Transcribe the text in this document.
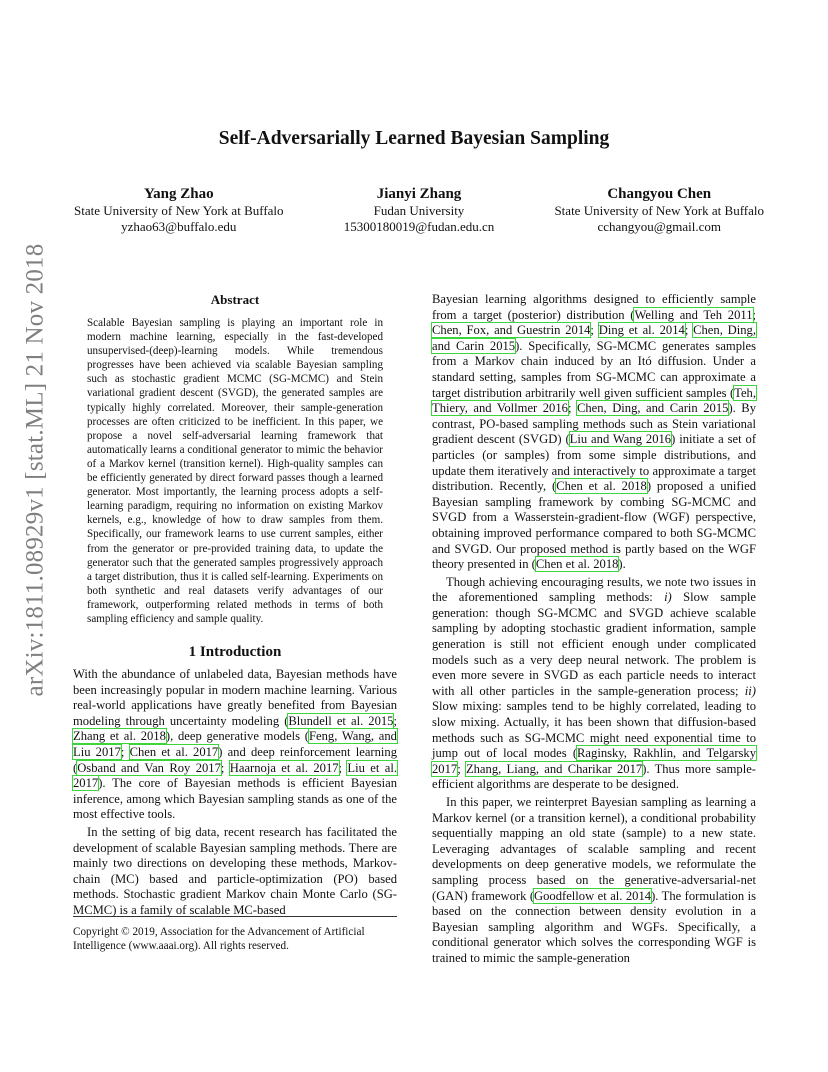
arXiv:1811.08929v1 [stat.ML] 21 Nov 2018
Self-Adversarially Learned Bayesian Sampling
Yang Zhao
State University of New York at Buffalo
yzhao63@buffalo.edu
Jianyi Zhang
Fudan University
15300180019@fudan.edu.cn
Changyou Chen
State University of New York at Buffalo
cchangyou@gmail.com
Abstract

Scalable Bayesian sampling is playing an important role in modern machine learning, especially in the fast-developed unsupervised-(deep)-learning models. While tremendous progresses have been achieved via scalable Bayesian sampling such as stochastic gradient MCMC (SG-MCMC) and Stein variational gradient descent (SVGD), the generated samples are typically highly correlated. Moreover, their sample-generation processes are often criticized to be inefficient. In this paper, we propose a novel self-adversarial learning framework that automatically learns a conditional generator to mimic the behavior of a Markov kernel (transition kernel). High-quality samples can be efficiently generated by direct forward passes though a learned generator. Most importantly, the learning process adopts a self-learning paradigm, requiring no information on existing Markov kernels, e.g., knowledge of how to draw samples from them. Specifically, our framework learns to use current samples, either from the generator or pre-provided training data, to update the generator such that the generated samples progressively approach a target distribution, thus it is called self-learning. Experiments on both synthetic and real datasets verify advantages of our framework, outperforming related methods in terms of both sampling efficiency and sample quality.

1 Introduction

With the abundance of unlabeled data, Bayesian methods have been increasingly popular in modern machine learning. Various real-world applications have greatly benefited from Bayesian modeling through uncertainty modeling (Blundell et al. 2015; Zhang et al. 2018), deep generative models (Feng, Wang, and Liu 2017; Chen et al. 2017) and deep reinforcement learning (Osband and Van Roy 2017; Haarnoja et al. 2017; Liu et al. 2017). The core of Bayesian methods is efficient Bayesian inference, among which Bayesian sampling stands as one of the most effective tools.

In the setting of big data, recent research has facilitated the development of scalable Bayesian sampling methods. There are mainly two directions on developing these methods, Markov-chain (MC) based and particle-optimization (PO) based methods. Stochastic gradient Markov chain Monte Carlo (SG-MCMC) is a family of scalable MC-based

Bayesian learning algorithms designed to efficiently sample from a target (posterior) distribution (Welling and Teh 2011; Chen, Fox, and Guestrin 2014; Ding et al. 2014; Chen, Ding, and Carin 2015). Specifically, SG-MCMC generates samples from a Markov chain induced by an Itó diffusion. Under a standard setting, samples from SG-MCMC can approximate a target distribution arbitrarily well given sufficient samples (Teh, Thiery, and Vollmer 2016; Chen, Ding, and Carin 2015). By contrast, PO-based sampling methods such as Stein variational gradient descent (SVGD) (Liu and Wang 2016) initiate a set of particles (or samples) from some simple distributions, and update them iteratively and interactively to approximate a target distribution. Recently, (Chen et al. 2018) proposed a unified Bayesian sampling framework by combing SG-MCMC and SVGD from a Wasserstein-gradient-flow (WGF) perspective, obtaining improved performance compared to both SG-MCMC and SVGD. Our proposed method is partly based on the WGF theory presented in (Chen et al. 2018).

Though achieving encouraging results, we note two issues in the aforementioned sampling methods: i) Slow sample generation: though SG-MCMC and SVGD achieve scalable sampling by adopting stochastic gradient information, sample generation is still not efficient enough under complicated models such as a very deep neural network. The problem is even more severe in SVGD as each particle needs to interact with all other particles in the sample-generation process; ii) Slow mixing: samples tend to be highly correlated, leading to slow mixing. Actually, it has been shown that diffusion-based methods such as SG-MCMC might need exponential time to jump out of local modes (Raginsky, Rakhlin, and Telgarsky 2017; Zhang, Liang, and Charikar 2017). Thus more sample-efficient algorithms are desperate to be designed.

In this paper, we reinterpret Bayesian sampling as learning a Markov kernel (or a transition kernel), a conditional probability sequentially mapping an old state (sample) to a new state. Leveraging advantages of scalable sampling and recent developments on deep generative models, we reformulate the sampling process based on the generative-adversarial-net (GAN) framework (Goodfellow et al. 2014). The formulation is based on the connection between density evolution in a Bayesian sampling algorithm and WGFs. Specifically, a conditional generator which solves the corresponding WGF is trained to mimic the sample-generation

Copyright © 2019, Association for the Advancement of Artificial Intelligence (www.aaai.org). All rights reserved.
